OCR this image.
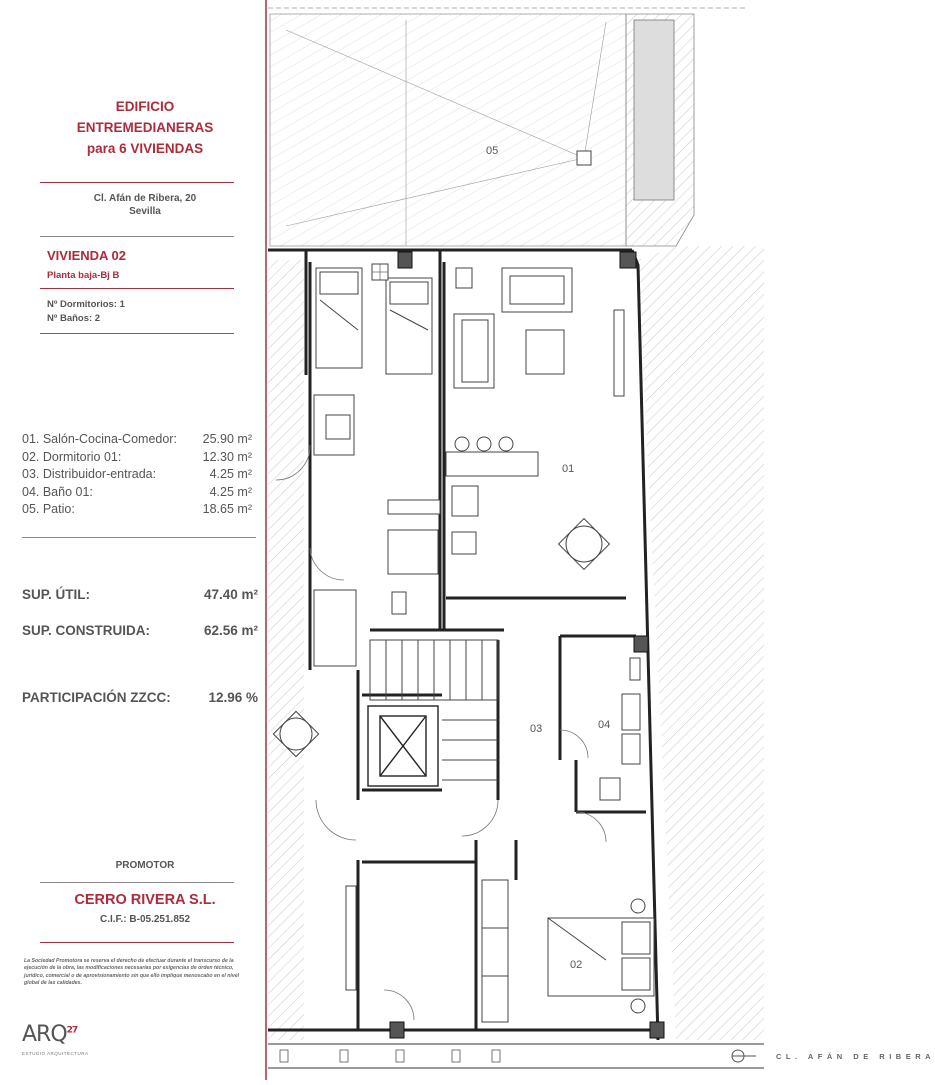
EDIFICIO
ENTREMEDIANERAS
para 6 VIVIENDAS
Cl. Afán de Ribera, 20
Sevilla
VIVIENDA 02
Planta baja-Bj B
Nº Dormitorios: 1
Nº Baños: 2
01. Salón-Cocina-Comedor: 25.90 m²
02. Dormitorio 01:	12.30 m²
03. Distribuidor-entrada:	4.25 m²
04. Baño 01:	4.25 m²
05. Patio:	18.65 m²
SUP. ÚTIL:	47.40 m²
SUP. CONSTRUIDA:	62.56 m²
PARTICIPACIÓN ZZCC:	12.96 %
PROMOTOR
CERRO RIVERA S.L.
C.I.F.: B-05.251.852
La Sociedad Promotora se reserva el derecho de efectuar durante el transcurso de la ejecución de la obra, las modificaciones necesarias por exigencias de orden técnico, jurídico, comercial o de aprovisionamiento sin que ello implique menoscabo en el nivel global de las calidades.
ARQ$^{27}$
ESTUDIO ARQUITECTURA
05
01
03	04
02
CL. AFÁN DE RIBERA
